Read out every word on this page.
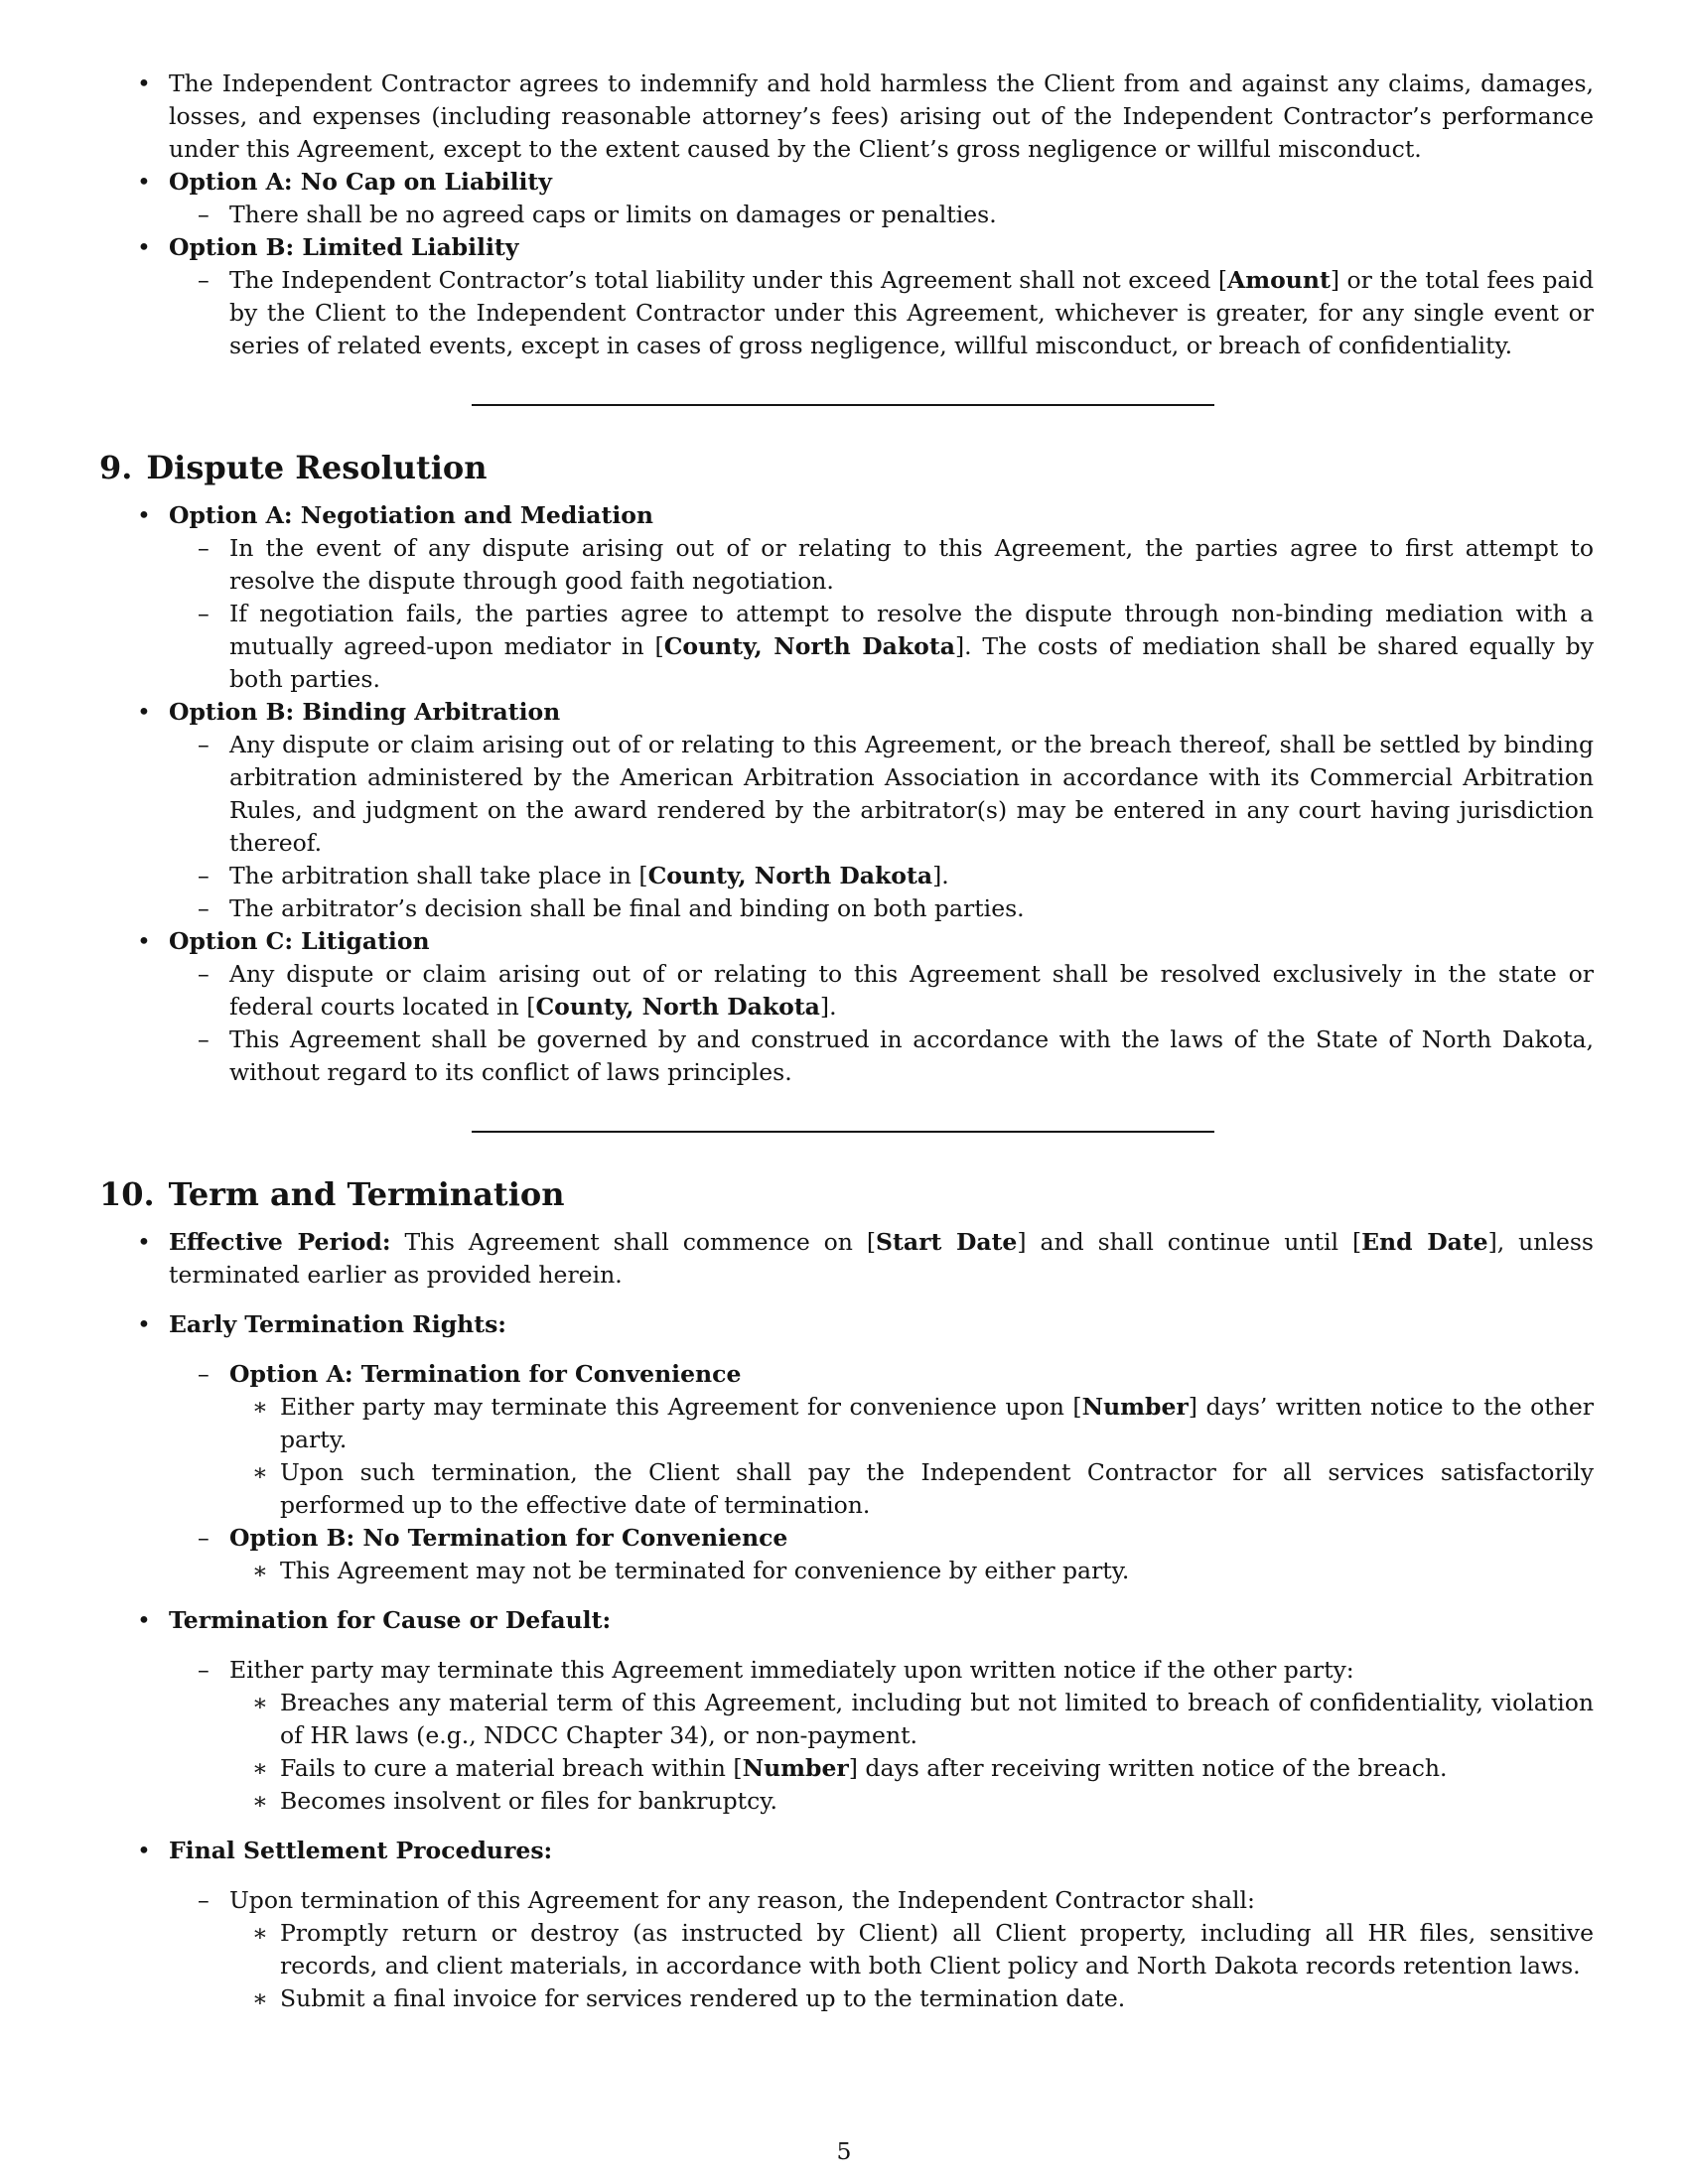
• The Independent Contractor agrees to indemnify and hold harmless the Client from and against any claims, damages, losses, and expenses (including reasonable attorney’s fees) arising out of the Independent Contractor’s performance under this Agreement, except to the extent caused by the Client’s gross negligence or willful misconduct.
• Option A: No Cap on Liability
– There shall be no agreed caps or limits on damages or penalties.
• Option B: Limited Liability
– The Independent Contractor’s total liability under this Agreement shall not exceed [Amount] or the total fees paid by the Client to the Independent Contractor under this Agreement, whichever is greater, for any single event or series of related events, except in cases of gross negligence, willful misconduct, or breach of confidentiality.
9. Dispute Resolution
• Option A: Negotiation and Mediation
– In the event of any dispute arising out of or relating to this Agreement, the parties agree to first attempt to resolve the dispute through good faith negotiation.
– If negotiation fails, the parties agree to attempt to resolve the dispute through non-binding mediation with a mutually agreed-upon mediator in [County, North Dakota]. The costs of mediation shall be shared equally by both parties.
• Option B: Binding Arbitration
– Any dispute or claim arising out of or relating to this Agreement, or the breach thereof, shall be settled by binding arbitration administered by the American Arbitration Association in accordance with its Commercial Arbitration Rules, and judgment on the award rendered by the arbitrator(s) may be entered in any court having jurisdiction thereof.
– The arbitration shall take place in [County, North Dakota].
– The arbitrator’s decision shall be final and binding on both parties.
• Option C: Litigation
– Any dispute or claim arising out of or relating to this Agreement shall be resolved exclusively in the state or federal courts located in [County, North Dakota].
– This Agreement shall be governed by and construed in accordance with the laws of the State of North Dakota, without regard to its conflict of laws principles.
10. Term and Termination
• Effective Period: This Agreement shall commence on [Start Date] and shall continue until [End Date], unless terminated earlier as provided herein.
• Early Termination Rights:
– Option A: Termination for Convenience
∗ Either party may terminate this Agreement for convenience upon [Number] days’ written notice to the other party.
∗ Upon such termination, the Client shall pay the Independent Contractor for all services satisfactorily performed up to the effective date of termination.
– Option B: No Termination for Convenience
∗ This Agreement may not be terminated for convenience by either party.
• Termination for Cause or Default:
– Either party may terminate this Agreement immediately upon written notice if the other party:
∗ Breaches any material term of this Agreement, including but not limited to breach of confidentiality, violation of HR laws (e.g., NDCC Chapter 34), or non-payment.
∗ Fails to cure a material breach within [Number] days after receiving written notice of the breach.
∗ Becomes insolvent or files for bankruptcy.
• Final Settlement Procedures:
– Upon termination of this Agreement for any reason, the Independent Contractor shall:
∗ Promptly return or destroy (as instructed by Client) all Client property, including all HR files, sensitive records, and client materials, in accordance with both Client policy and North Dakota records retention laws.
∗ Submit a final invoice for services rendered up to the termination date.
5
